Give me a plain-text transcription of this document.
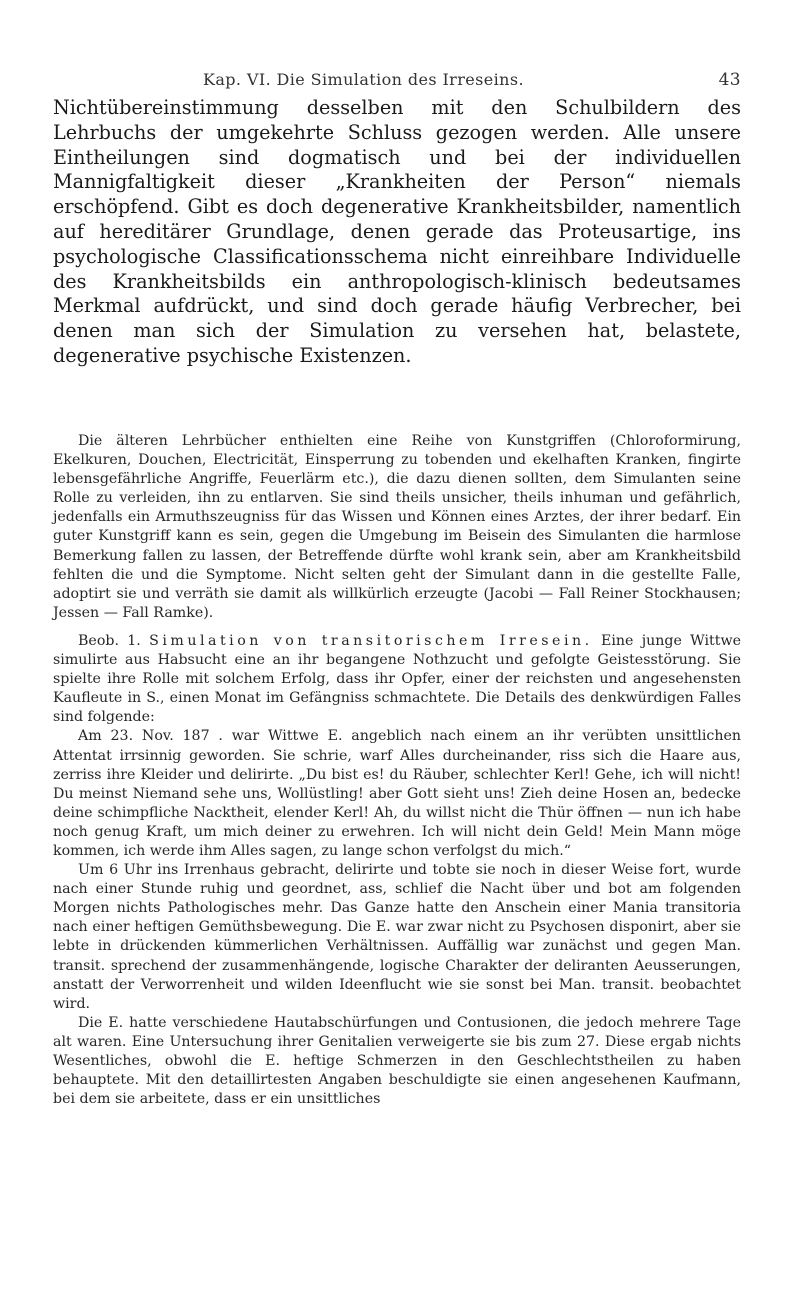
Kap. VI. Die Simulation des Irreseins.	43

Nichtübereinstimmung desselben mit den Schulbildern des Lehrbuchs der umgekehrte Schluss gezogen werden. Alle unsere Eintheilungen sind dogmatisch und bei der individuellen Mannigfaltigkeit dieser „Krankheiten der Person“ niemals erschöpfend. Gibt es doch degenerative Krankheitsbilder, namentlich auf hereditärer Grundlage, denen gerade das Proteusartige, ins psychologische Classificationsschema nicht einreihbare Individuelle des Krankheitsbilds ein anthropologisch-klinisch bedeutsames Merkmal aufdrückt, und sind doch gerade häufig Verbrecher, bei denen man sich der Simulation zu versehen hat, belastete, degenerative psychische Existenzen.

Die älteren Lehrbücher enthielten eine Reihe von Kunstgriffen (Chloroformirung, Ekelkuren, Douchen, Electricität, Einsperrung zu tobenden und ekelhaften Kranken, fingirte lebensgefährliche Angriffe, Feuerlärm etc.), die dazu dienen sollten, dem Simulanten seine Rolle zu verleiden, ihn zu entlarven. Sie sind theils unsicher, theils inhuman und gefährlich, jedenfalls ein Armuthszeugniss für das Wissen und Können eines Arztes, der ihrer bedarf. Ein guter Kunstgriff kann es sein, gegen die Umgebung im Beisein des Simulanten die harmlose Bemerkung fallen zu lassen, der Betreffende dürfte wohl krank sein, aber am Krankheitsbild fehlten die und die Symptome. Nicht selten geht der Simulant dann in die gestellte Falle, adoptirt sie und verräth sie damit als willkürlich erzeugte (Jacobi — Fall Reiner Stockhausen; Jessen — Fall Ramke).

Beob. 1. Simulation von transitorischem Irresein. Eine junge Wittwe simulirte aus Habsucht eine an ihr begangene Nothzucht und gefolgte Geistesstörung. Sie spielte ihre Rolle mit solchem Erfolg, dass ihr Opfer, einer der reichsten und angesehensten Kaufleute in S., einen Monat im Gefängniss schmachtete. Die Details des denkwürdigen Falles sind folgende:

Am 23. Nov. 187 . war Wittwe E. angeblich nach einem an ihr verübten unsittlichen Attentat irrsinnig geworden. Sie schrie, warf Alles durcheinander, riss sich die Haare aus, zerriss ihre Kleider und delirirte. „Du bist es! du Räuber, schlechter Kerl! Gehe, ich will nicht! Du meinst Niemand sehe uns, Wollüstling! aber Gott sieht uns! Zieh deine Hosen an, bedecke deine schimpfliche Nacktheit, elender Kerl! Ah, du willst nicht die Thür öffnen — nun ich habe noch genug Kraft, um mich deiner zu erwehren. Ich will nicht dein Geld! Mein Mann möge kommen, ich werde ihm Alles sagen, zu lange schon verfolgst du mich.“

Um 6 Uhr ins Irrenhaus gebracht, delirirte und tobte sie noch in dieser Weise fort, wurde nach einer Stunde ruhig und geordnet, ass, schlief die Nacht über und bot am folgenden Morgen nichts Pathologisches mehr. Das Ganze hatte den Anschein einer Mania transitoria nach einer heftigen Gemüthsbewegung. Die E. war zwar nicht zu Psychosen disponirt, aber sie lebte in drückenden kümmerlichen Verhältnissen. Auffällig war zunächst und gegen Man. transit. sprechend der zusammenhängende, logische Charakter der deliranten Aeusserungen, anstatt der Verworrenheit und wilden Ideenflucht wie sie sonst bei Man. transit. beobachtet wird.

Die E. hatte verschiedene Hautabschürfungen und Contusionen, die jedoch mehrere Tage alt waren. Eine Untersuchung ihrer Genitalien verweigerte sie bis zum 27. Diese ergab nichts Wesentliches, obwohl die E. heftige Schmerzen in den Geschlechtstheilen zu haben behauptete. Mit den detaillirtesten Angaben beschuldigte sie einen angesehenen Kaufmann, bei dem sie arbeitete, dass er ein unsittliches
